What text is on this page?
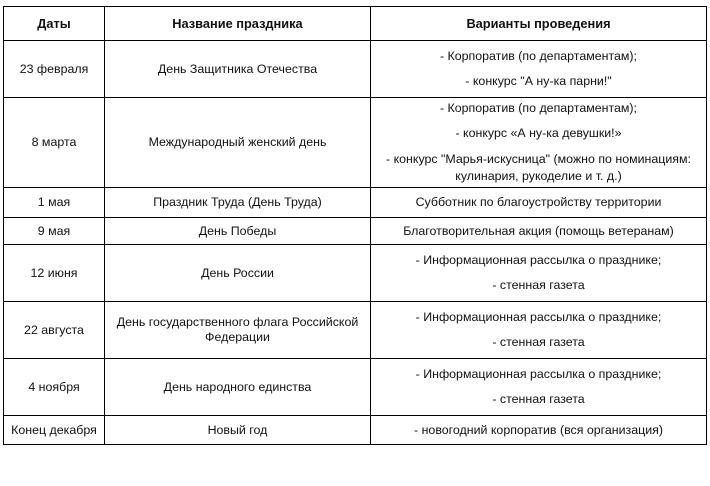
Даты	Название праздника	Варианты проведения
23 февраля	День Защитника Отечества	- Корпоратив (по департаментам);
- конкурс "А ну-ка парни!"

8 марта	Международный женский день	- Корпоратив (по департаментам);
- конкурс «А ну-ка девушки!»
- конкурс "Марья-искусница" (можно по номинациям: кулинария, рукоделие и т. д.)

1 мая	Праздник Труда (День Труда)	Субботник по благоустройству территории

9 мая	День Победы	Благотворительная акция (помощь ветеранам)

12 июня	День России	- Информационная рассылка о празднике;
- стенная газета

22 августа	День государственного флага Российской Федерации	- Информационная рассылка о празднике;
- стенная газета

4 ноября	День народного единства	- Информационная рассылка о празднике;
- стенная газета

Конец декабря	Новый год	- новогодний корпоратив (вся организация)
